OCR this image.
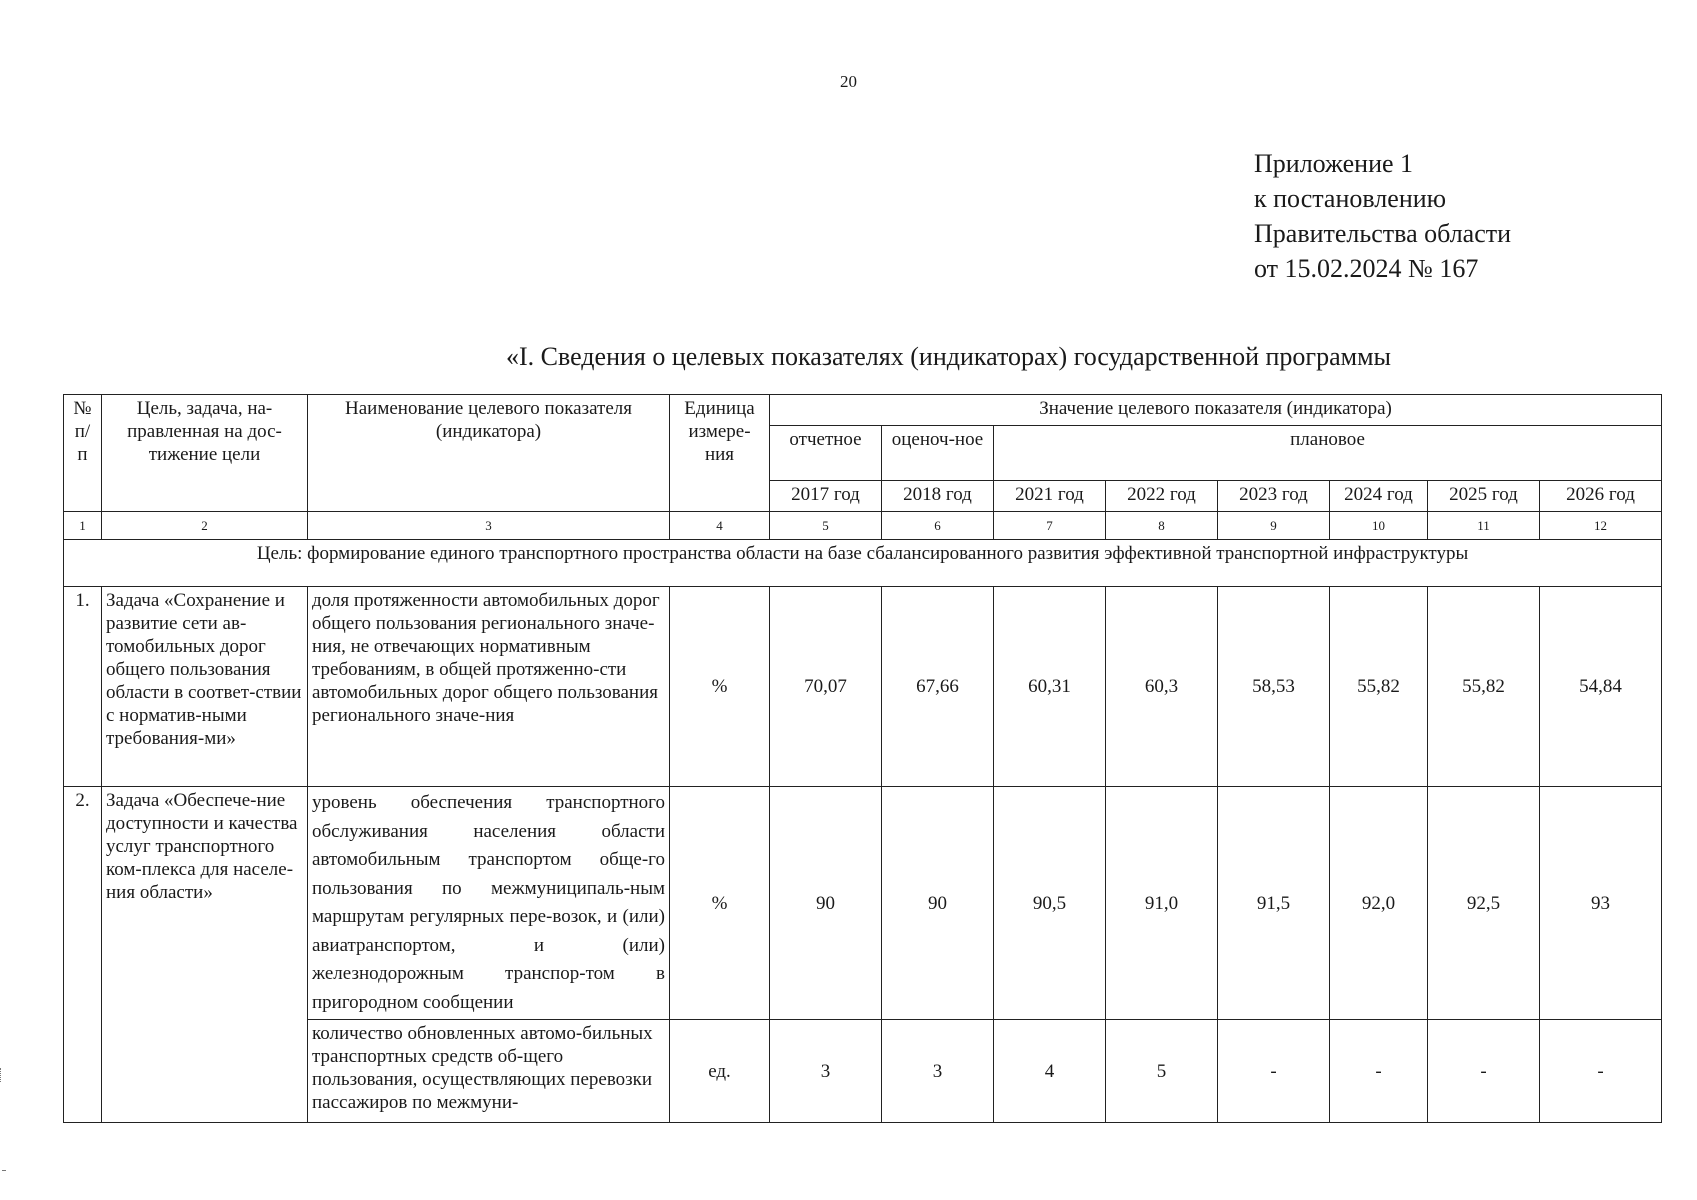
20
Приложение 1
к постановлению
Правительства области
от 15.02.2024 № 167
«I. Сведения о целевых показателях (индикаторах) государственной программы
№ п/ п	Цель, задача, на-правленная на дос-тижение цели	Наименование целевого показателя (индикатора)	Единица измере-ния	Значение целевого показателя (индикатора)							
				отчетное	оценоч-ное	плановое					
				2017 год	2018 год	2021 год	2022 год	2023 год	2024 год	2025 год	2026 год
1	2	3	4	5	6	7	8	9	10	11	12
Цель: формирование единого транспортного пространства области на базе сбалансированного развития эффективной транспортной инфраструктуры											
1.	Задача «Сохранение и развитие сети ав-томобильных дорог общего пользования области в соответ-ствии с норматив-ными требования-ми»	доля протяженности автомобильных дорог общего пользования регионального значе-ния, не отвечающих нормативным требованиям, в общей протяженно-сти автомобильных дорог общего пользования регионального значе-ния	%	70,07	67,66	60,31	60,3	58,53	55,82	55,82	54,84
2.	Задача «Обеспече-ние доступности и качества услуг транспортного ком-плекса для населе-ния области»	уровень обеспечения транспортного обслуживания населения области автомобильным транспортом обще-го пользования по межмуниципаль-ным маршрутам регулярных пере-возок, и (или) авиатранспортом, и (или) железнодорожным транспор-том в пригородном сообщении	%	90	90	90,5	91,0	91,5	92,0	92,5	93
		количество обновленных автомо-бильных транспортных средств об-щего пользования, осуществляющих перевозки пассажиров по межмуни-	ед.	3	3	4	5	-	-	-	-
